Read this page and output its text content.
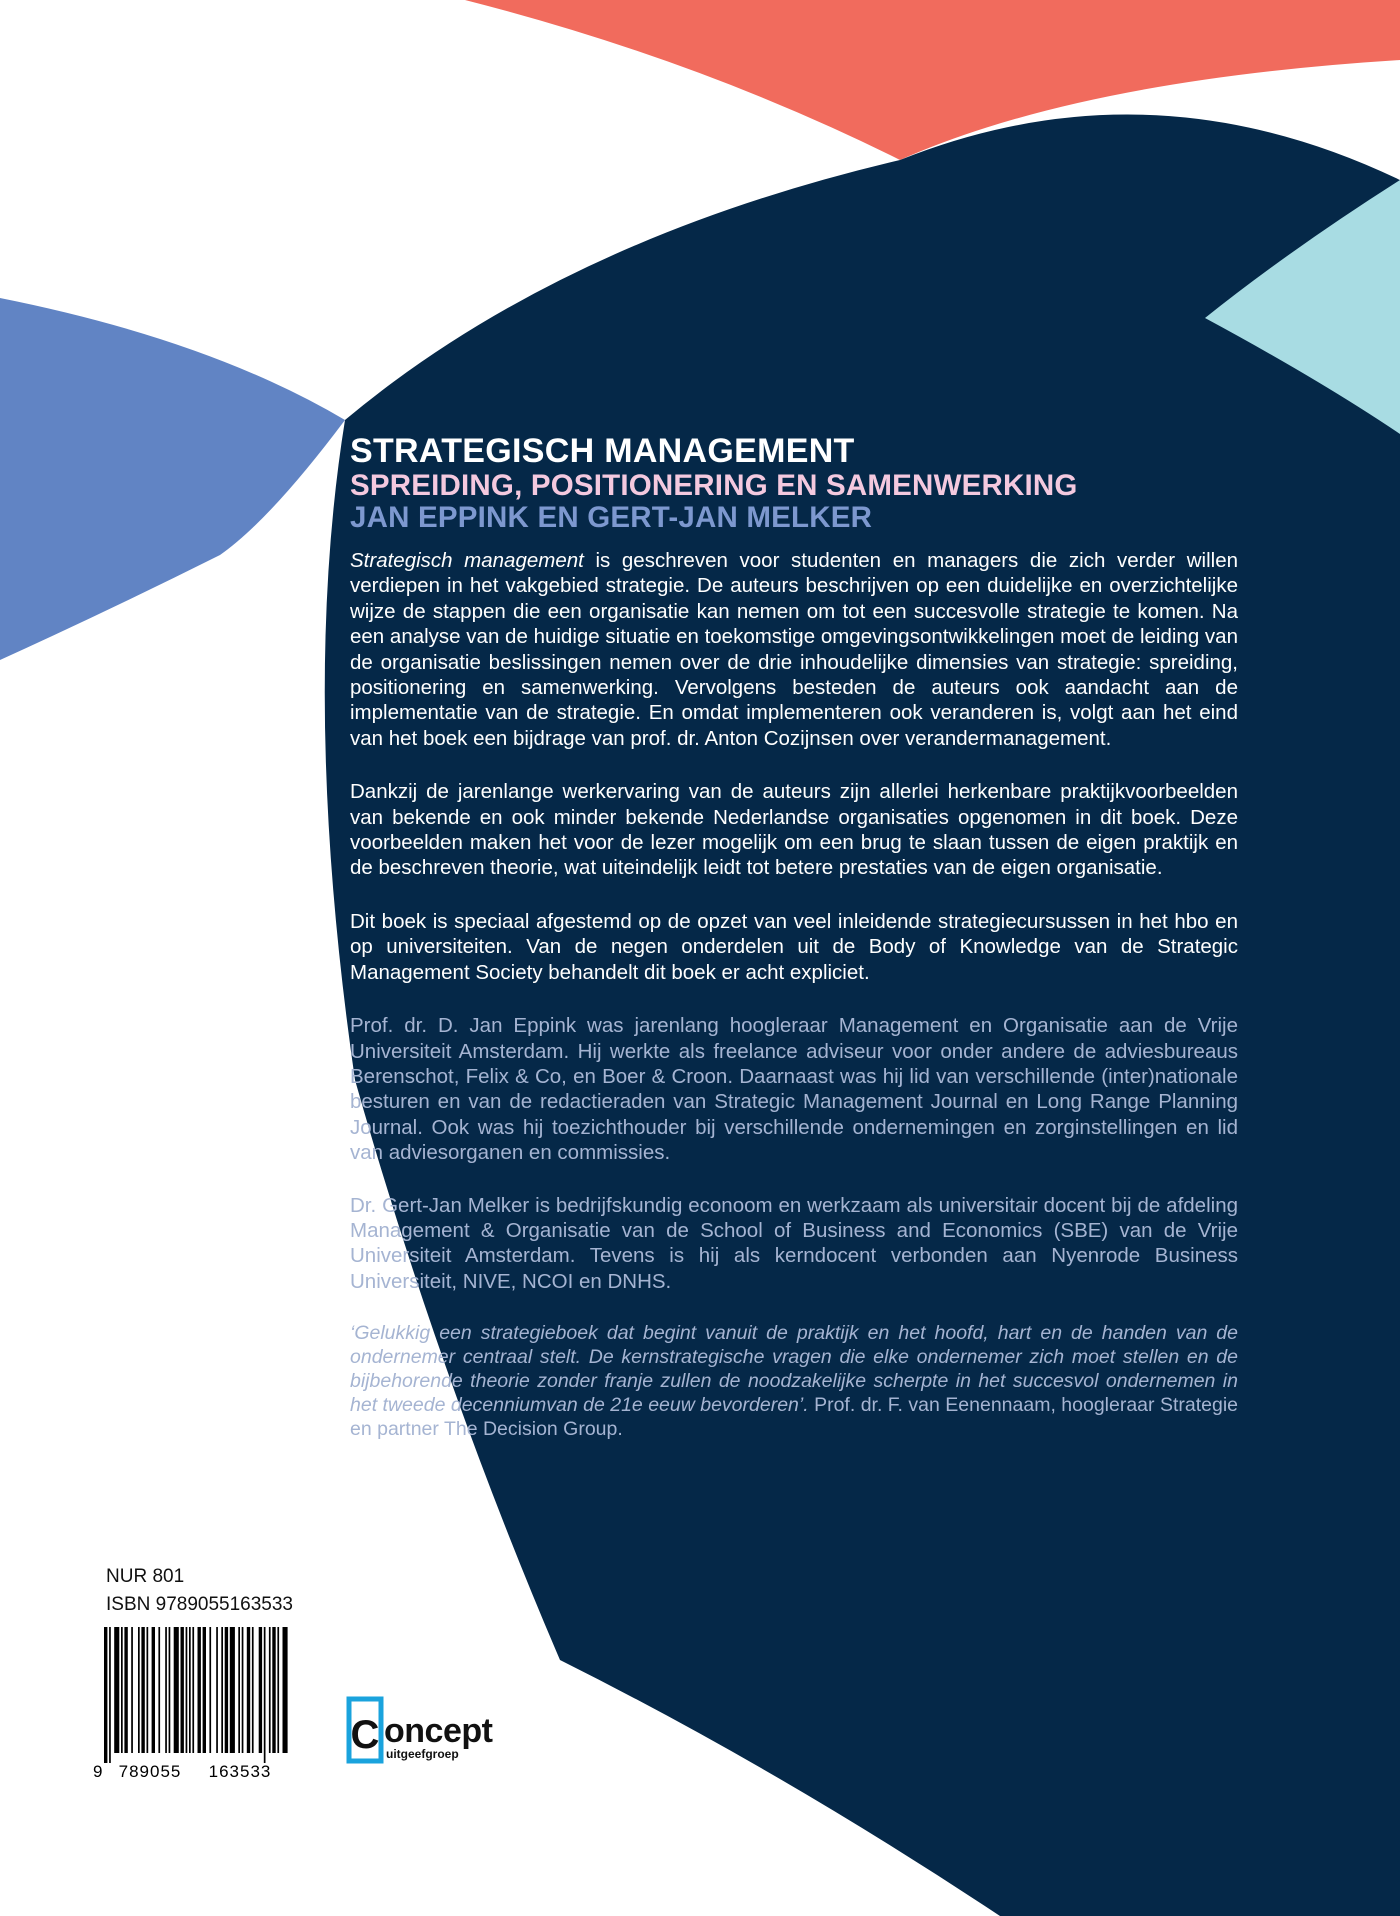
STRATEGISCH MANAGEMENT
SPREIDING, POSITIONERING EN SAMENWERKING
JAN EPPINK EN GERT-JAN MELKER

Strategisch management is geschreven voor studenten en managers die zich verder willen verdiepen in het vakgebied strategie. De auteurs beschrijven op een duidelijke en overzichtelijke wijze de stappen die een organisatie kan nemen om tot een succesvolle strategie te komen. Na een analyse van de huidige situatie en toekomstige omgevingsontwikkelingen moet de leiding van de organisatie beslissingen nemen over de drie inhoudelijke dimensies van strategie: spreiding, positionering en samenwerking. Vervolgens besteden de auteurs ook aandacht aan de implementatie van de strategie. En omdat implementeren ook veranderen is, volgt aan het eind van het boek een bijdrage van prof. dr. Anton Cozijnsen over verandermanagement.

Dankzij de jarenlange werkervaring van de auteurs zijn allerlei herkenbare praktijkvoorbeelden van bekende en ook minder bekende Nederlandse organisaties opgenomen in dit boek. Deze voorbeelden maken het voor de lezer mogelijk om een brug te slaan tussen de eigen praktijk en de beschreven theorie, wat uiteindelijk leidt tot betere prestaties van de eigen organisatie.

Dit boek is speciaal afgestemd op de opzet van veel inleidende strategiecursussen in het hbo en op universiteiten. Van de negen onderdelen uit de Body of Knowledge van de Strategic Management Society behandelt dit boek er acht expliciet.

Prof. dr. D. Jan Eppink was jarenlang hoogleraar Management en Organisatie aan de Vrije Universiteit Amsterdam. Hij werkte als freelance adviseur voor onder andere de adviesbureaus Berenschot, Felix & Co, en Boer & Croon. Daarnaast was hij lid van verschillende (inter)nationale besturen en van de redactieraden van Strategic Management Journal en Long Range Planning Journal. Ook was hij toezichthouder bij verschillende ondernemingen en zorginstellingen en lid van adviesorganen en commissies.

Dr. Gert-Jan Melker is bedrijfskundig econoom en werkzaam als universitair docent bij de afdeling Management & Organisatie van de School of Business and Economics (SBE) van de Vrije Universiteit Amsterdam. Tevens is hij als kerndocent verbonden aan Nyenrode Business Universiteit, NIVE, NCOI en DNHS.

‘Gelukkig een strategieboek dat begint vanuit de praktijk en het hoofd, hart en de handen van de ondernemer centraal stelt. De kernstrategische vragen die elke ondernemer zich moet stellen en de bijbehorende theorie zonder franje zullen de noodzakelijke scherpte in het succesvol ondernemen in het tweede decenniumvan de 21e eeuw bevorderen’. Prof. dr. F. van Eenennaam, hoogleraar Strategie en partner The Decision Group.

NUR 801
ISBN 9789055163533
9 789055 163533
C oncept
uitgeefgroep
